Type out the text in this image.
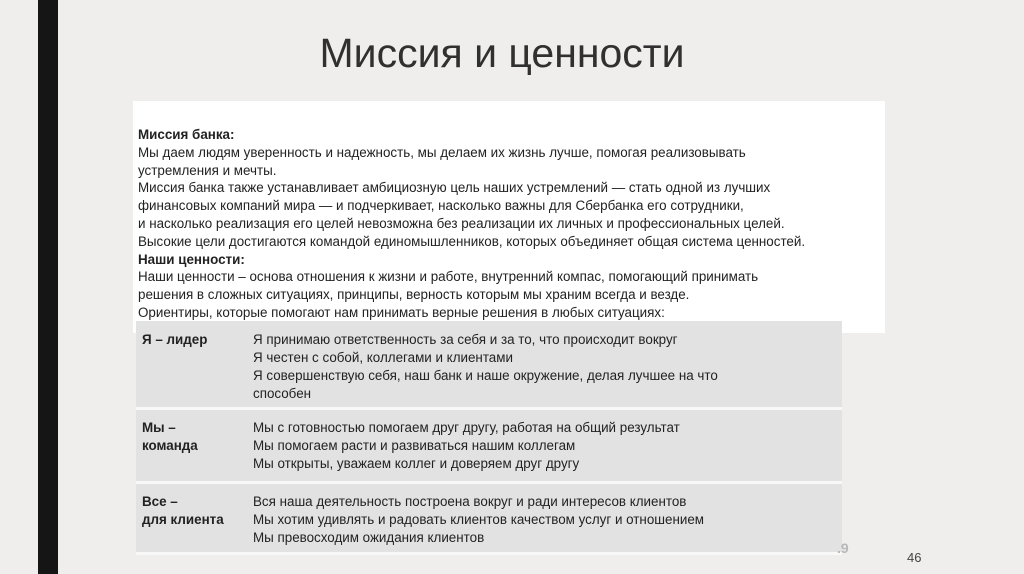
Миссия и ценности
Миссия банка:
Мы даем людям уверенность и надежность, мы делаем их жизнь лучше, помогая реализовывать
устремления и мечты.
Миссия банка также устанавливает амбициозную цель наших устремлений — стать одной из лучших
финансовых компаний мира — и подчеркивает, насколько важны для Сбербанка его сотрудники,
и насколько реализация его целей невозможна без реализации их личных и профессиональных целей.
Высокие цели достигаются командой единомышленников, которых объединяет общая система ценностей.
Наши ценности:
Наши ценности – основа отношения к жизни и работе, внутренний компас, помогающий принимать
решения в сложных ситуациях, принципы, верность которым мы храним всегда и везде.
Ориентиры, которые помогают нам принимать верные решения в любых ситуациях:
Я – лидер	Я принимаю ответственность за себя и за то, что происходит вокруг
Я честен с собой, коллегами и клиентами
Я совершенствую себя, наш банк и наше окружение, делая лучшее на что
способен
Мы –
команда
Мы с готовностью помогаем друг другу, работая на общий результат
Мы помогаем расти и развиваться нашим коллегам
Мы открыты, уважаем коллег и доверяем друг другу
Все –
для клиента
Вся наша деятельность построена вокруг и ради интересов клиентов
Мы хотим удивлять и радовать клиентов качеством услуг и отношением
Мы превосходим ожидания клиентов
.9
46
